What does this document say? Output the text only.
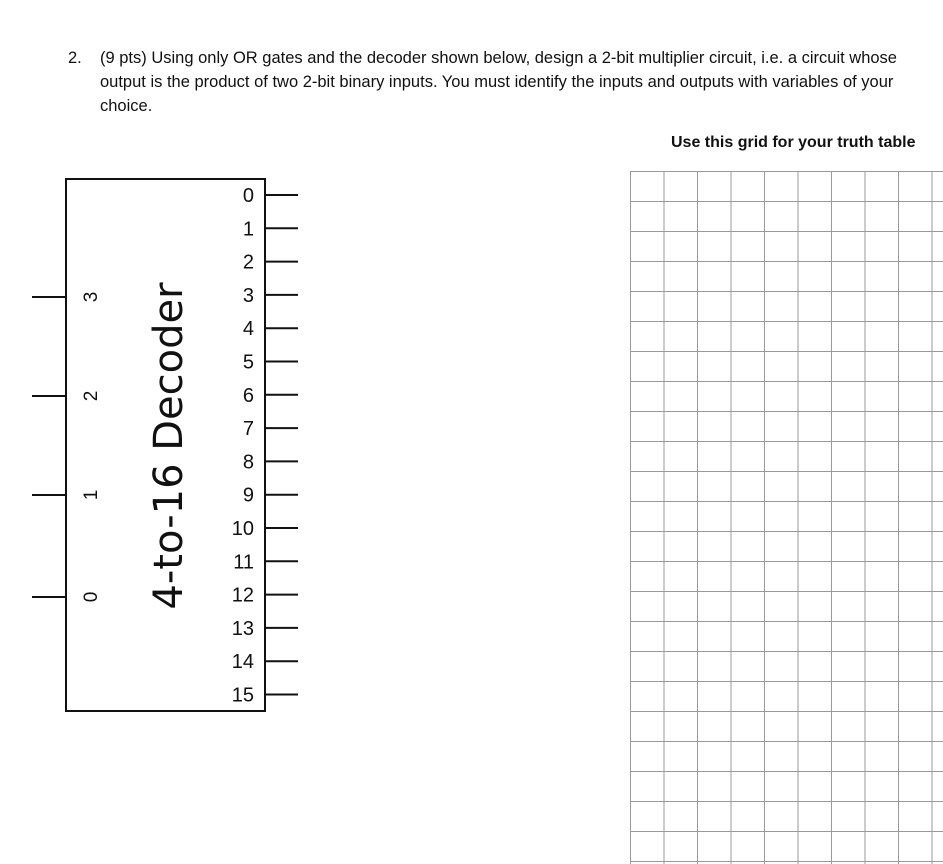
2. (9 pts) Using only OR gates and the decoder shown below, design a 2-bit multiplier circuit, i.e. a circuit whose output is the product of two 2-bit binary inputs. You must identify the inputs and outputs with variables of your choice.
3
2
1
0
0
1
2
3
4
5
6
7
8
9
10
11
12
13
14
15
4-to-16 Decoder
Use this grid for your truth table
